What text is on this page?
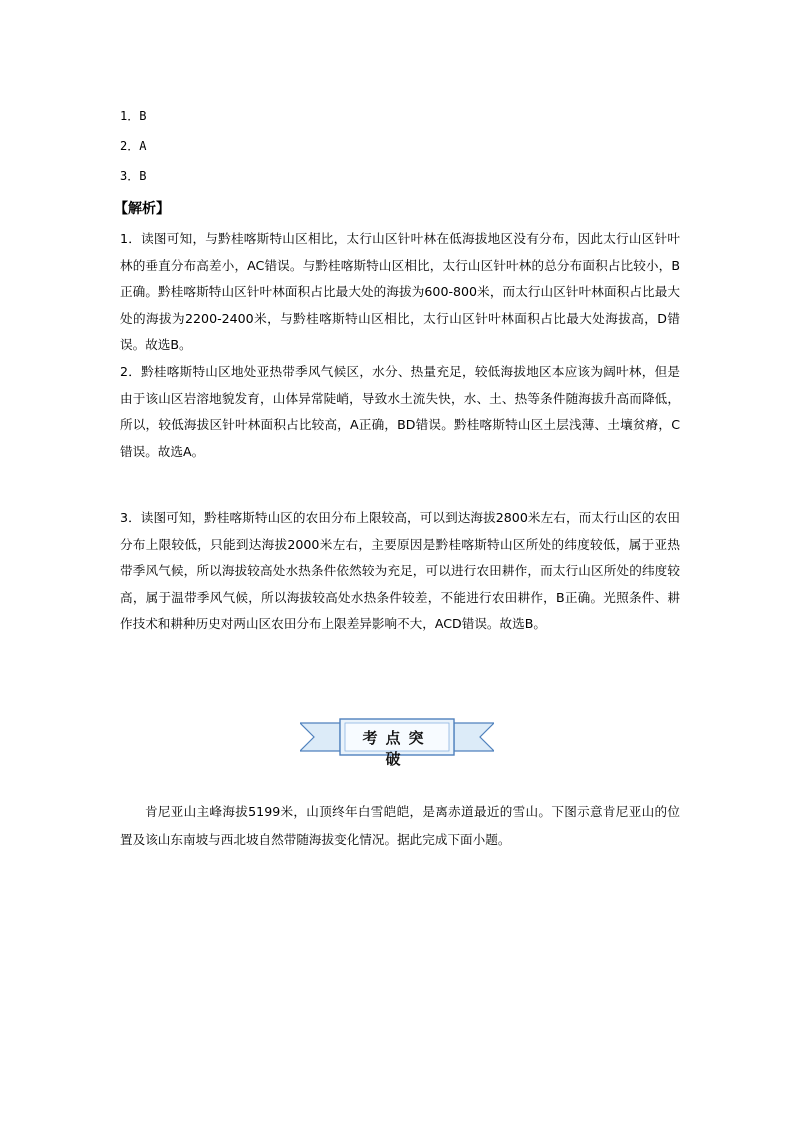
1．B
2．A
3．B
【解析】

1．读图可知，与黔桂喀斯特山区相比，太行山区针叶林在低海拔地区没有分布，因此太行山区针叶林的垂直分布高差小，AC错误。与黔桂喀斯特山区相比，太行山区针叶林的总分布面积占比较小，B正确。黔桂喀斯特山区针叶林面积占比最大处的海拔为600-800米，而太行山区针叶林面积占比最大处的海拔为2200-2400米，与黔桂喀斯特山区相比，太行山区针叶林面积占比最大处海拔高，D错误。故选B。

2．黔桂喀斯特山区地处亚热带季风气候区，水分、热量充足，较低海拔地区本应该为阔叶林，但是由于该山区岩溶地貌发育，山体异常陡峭，导致水土流失快，水、土、热等条件随海拔升高而降低，所以，较低海拔区针叶林面积占比较高，A正确，BD错误。黔桂喀斯特山区土层浅薄、土壤贫瘠，C错误。故选A。

3．读图可知，黔桂喀斯特山区的农田分布上限较高，可以到达海拔2800米左右，而太行山区的农田分布上限较低，只能到达海拔2000米左右，主要原因是黔桂喀斯特山区所处的纬度较低，属于亚热带季风气候，所以海拔较高处水热条件依然较为充足，可以进行农田耕作，而太行山区所处的纬度较高，属于温带季风气候，所以海拔较高处水热条件较差，不能进行农田耕作，B正确。光照条件、耕作技术和耕种历史对两山区农田分布上限差异影响不大，ACD错误。故选B。

考点突破

肯尼亚山主峰海拔5199米，山顶终年白雪皑皑，是离赤道最近的雪山。下图示意肯尼亚山的位置及该山东南坡与西北坡自然带随海拔变化情况。据此完成下面小题。
